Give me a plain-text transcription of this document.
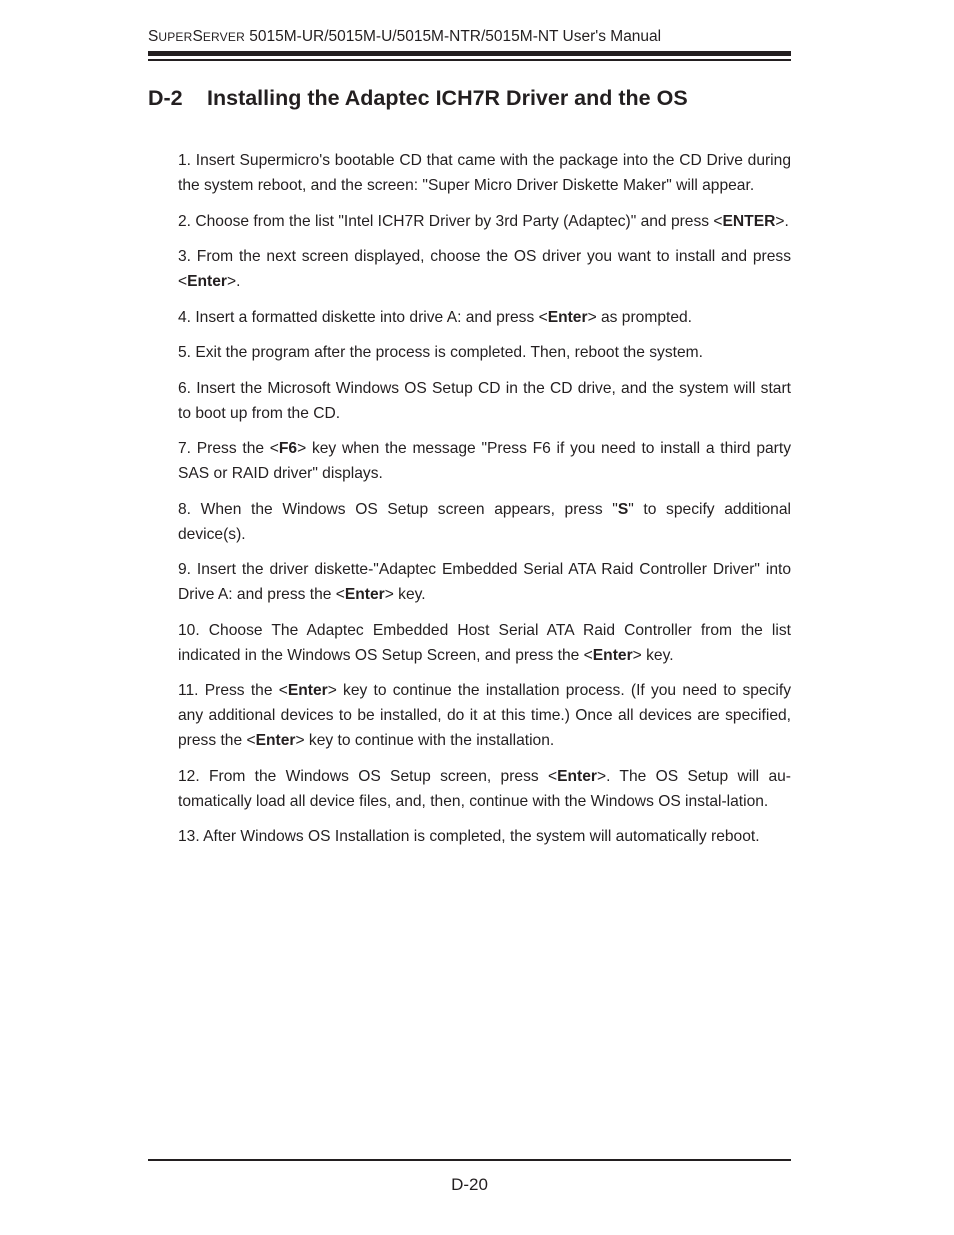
SUPERSERVER 5015M-UR/5015M-U/5015M-NTR/5015M-NT User's Manual
D-2 Installing the Adaptec ICH7R Driver and the OS

1. Insert Supermicro's bootable CD that came with the package into the CD Drive during the system reboot, and the screen: "Super Micro Driver Diskette Maker" will appear.

2. Choose from the list "Intel ICH7R Driver by 3rd Party (Adaptec)" and press <ENTER>.

3. From the next screen displayed, choose the OS driver you want to install and press <Enter>.

4. Insert a formatted diskette into drive A: and press <Enter> as prompted.

5. Exit the program after the process is completed. Then, reboot the system.

6. Insert the Microsoft Windows OS Setup CD in the CD drive, and the system will start to boot up from the CD.

7. Press the <F6> key when the message "Press F6 if you need to install a third party SAS or RAID driver" displays.

8. When the Windows OS Setup screen appears, press "S" to specify additional device(s).

9. Insert the driver diskette-"Adaptec Embedded Serial ATA Raid Controller Driver" into Drive A: and press the <Enter> key.

10. Choose The Adaptec Embedded Host Serial ATA Raid Controller from the list indicated in the Windows OS Setup Screen, and press the <Enter> key.

11. Press the <Enter> key to continue the installation process. (If you need to specify any additional devices to be installed, do it at this time.) Once all devices are specified, press the <Enter> key to continue with the installation.

12. From the Windows OS Setup screen, press <Enter>. The OS Setup will au-tomatically load all device files, and, then, continue with the Windows OS instal-lation.

13. After Windows OS Installation is completed, the system will automatically reboot.

D-20
